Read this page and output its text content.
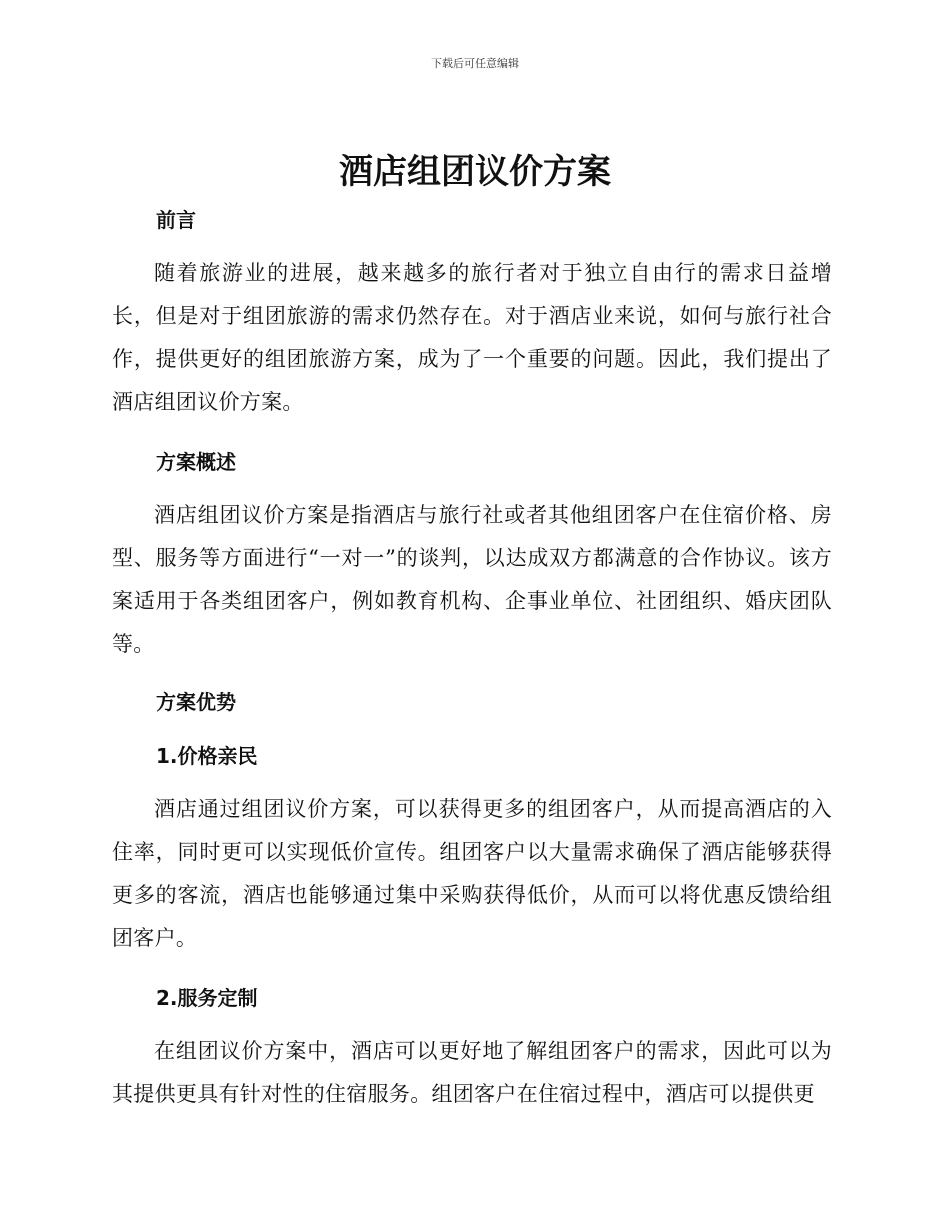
下载后可任意编辑
酒店组团议价方案
前言

随着旅游业的进展，越来越多的旅行者对于独立自由行的需求日益增长，但是对于组团旅游的需求仍然存在。对于酒店业来说，如何与旅行社合作，提供更好的组团旅游方案，成为了一个重要的问题。因此，我们提出了酒店组团议价方案。

方案概述

酒店组团议价方案是指酒店与旅行社或者其他组团客户在住宿价格、房型、服务等方面进行“一对一”的谈判，以达成双方都满意的合作协议。该方案适用于各类组团客户，例如教育机构、企事业单位、社团组织、婚庆团队等。

方案优势
1.价格亲民

酒店通过组团议价方案，可以获得更多的组团客户，从而提高酒店的入住率，同时更可以实现低价宣传。组团客户以大量需求确保了酒店能够获得更多的客流，酒店也能够通过集中采购获得低价，从而可以将优惠反馈给组团客户。

2.服务定制

在组团议价方案中，酒店可以更好地了解组团客户的需求，因此可以为其提供更具有针对性的住宿服务。组团客户在住宿过程中，酒店可以提供更
